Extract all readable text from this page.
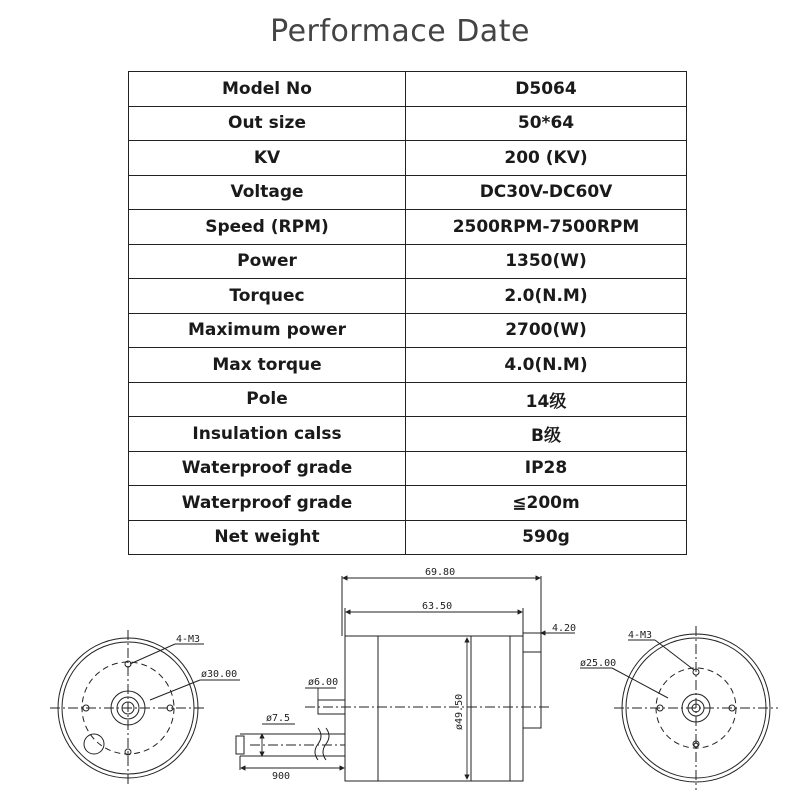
Performace Date
Model No	D5064
Out size	50*64
KV	200 (KV)
Voltage	DC30V-DC60V
Speed (RPM)	2500RPM-7500RPM
Power	1350(W)
Torquec	2.0(N.M)
Maximum power	2700(W)
Max torque	4.0(N.M)
Pole	14级
Insulation calss	B级
Waterproof grade	IP28
Waterproof grade	≦200m
Net weight	590g
4-M3
ø30.00
69.80
63.50
4.20
ø49.50
ø6.00
ø7.5
900
4-M3
ø25.00
